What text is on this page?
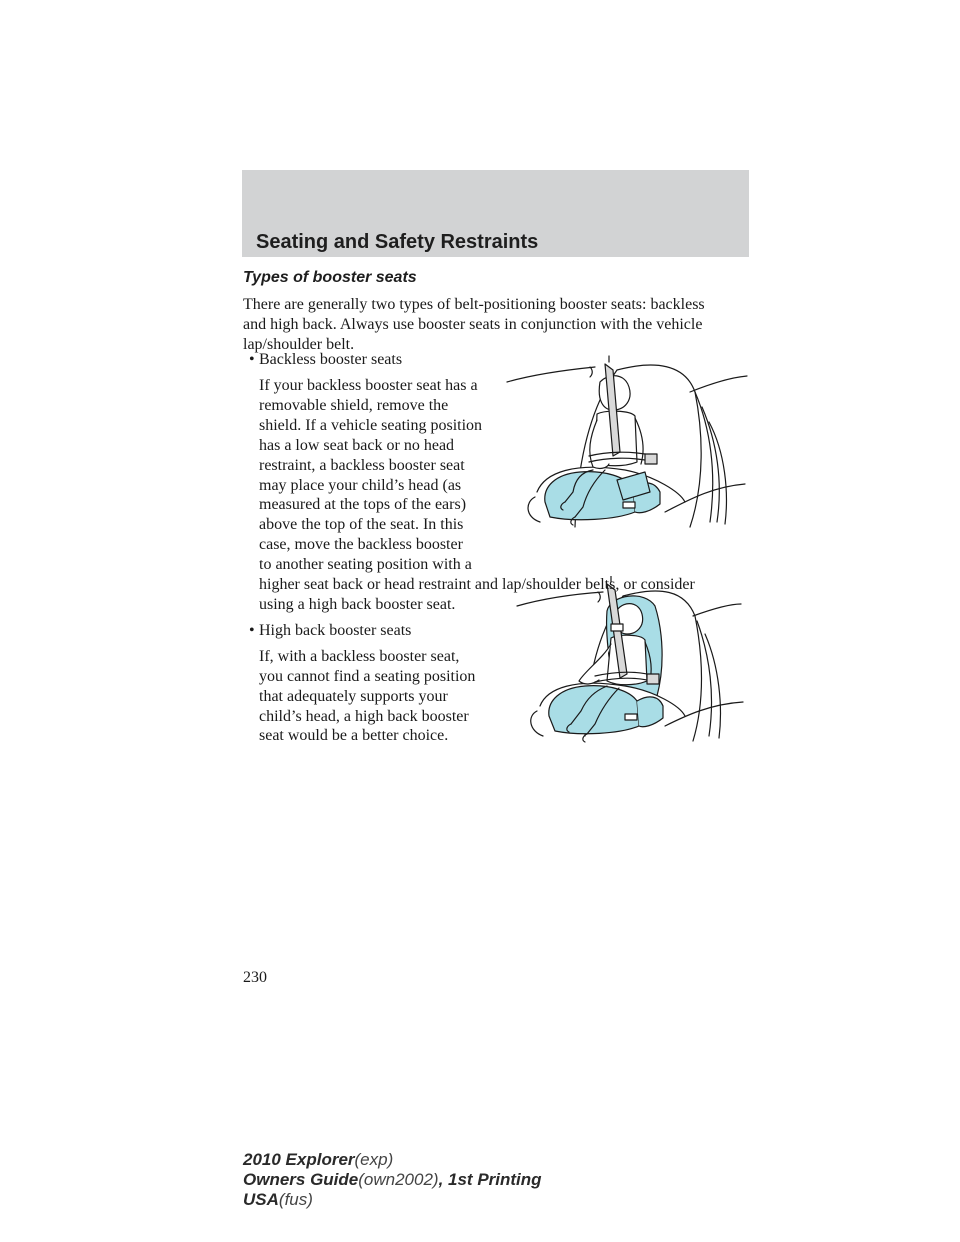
Seating and Safety Restraints
Types of booster seats
There are generally two types of belt-positioning booster seats: backless
and high back. Always use booster seats in conjunction with the vehicle
lap/shoulder belt.
• Backless booster seats
If your backless booster seat has a
removable shield, remove the
shield. If a vehicle seating position
has a low seat back or no head
restraint, a backless booster seat
may place your child’s head (as
measured at the tops of the ears)
above the top of the seat. In this
case, move the backless booster
to another seating position with a
• High back booster seats
If, with a backless booster seat,
you cannot find a seating position
that adequately supports your
child’s head, a high back booster
seat would be a better choice.
230
2010 Explorer(exp)
Owners Guide(own2002), 1st Printing
USA(fus)
higher seat back or head restraint and lap/shoulder belts, or consider
using a high back booster seat.
